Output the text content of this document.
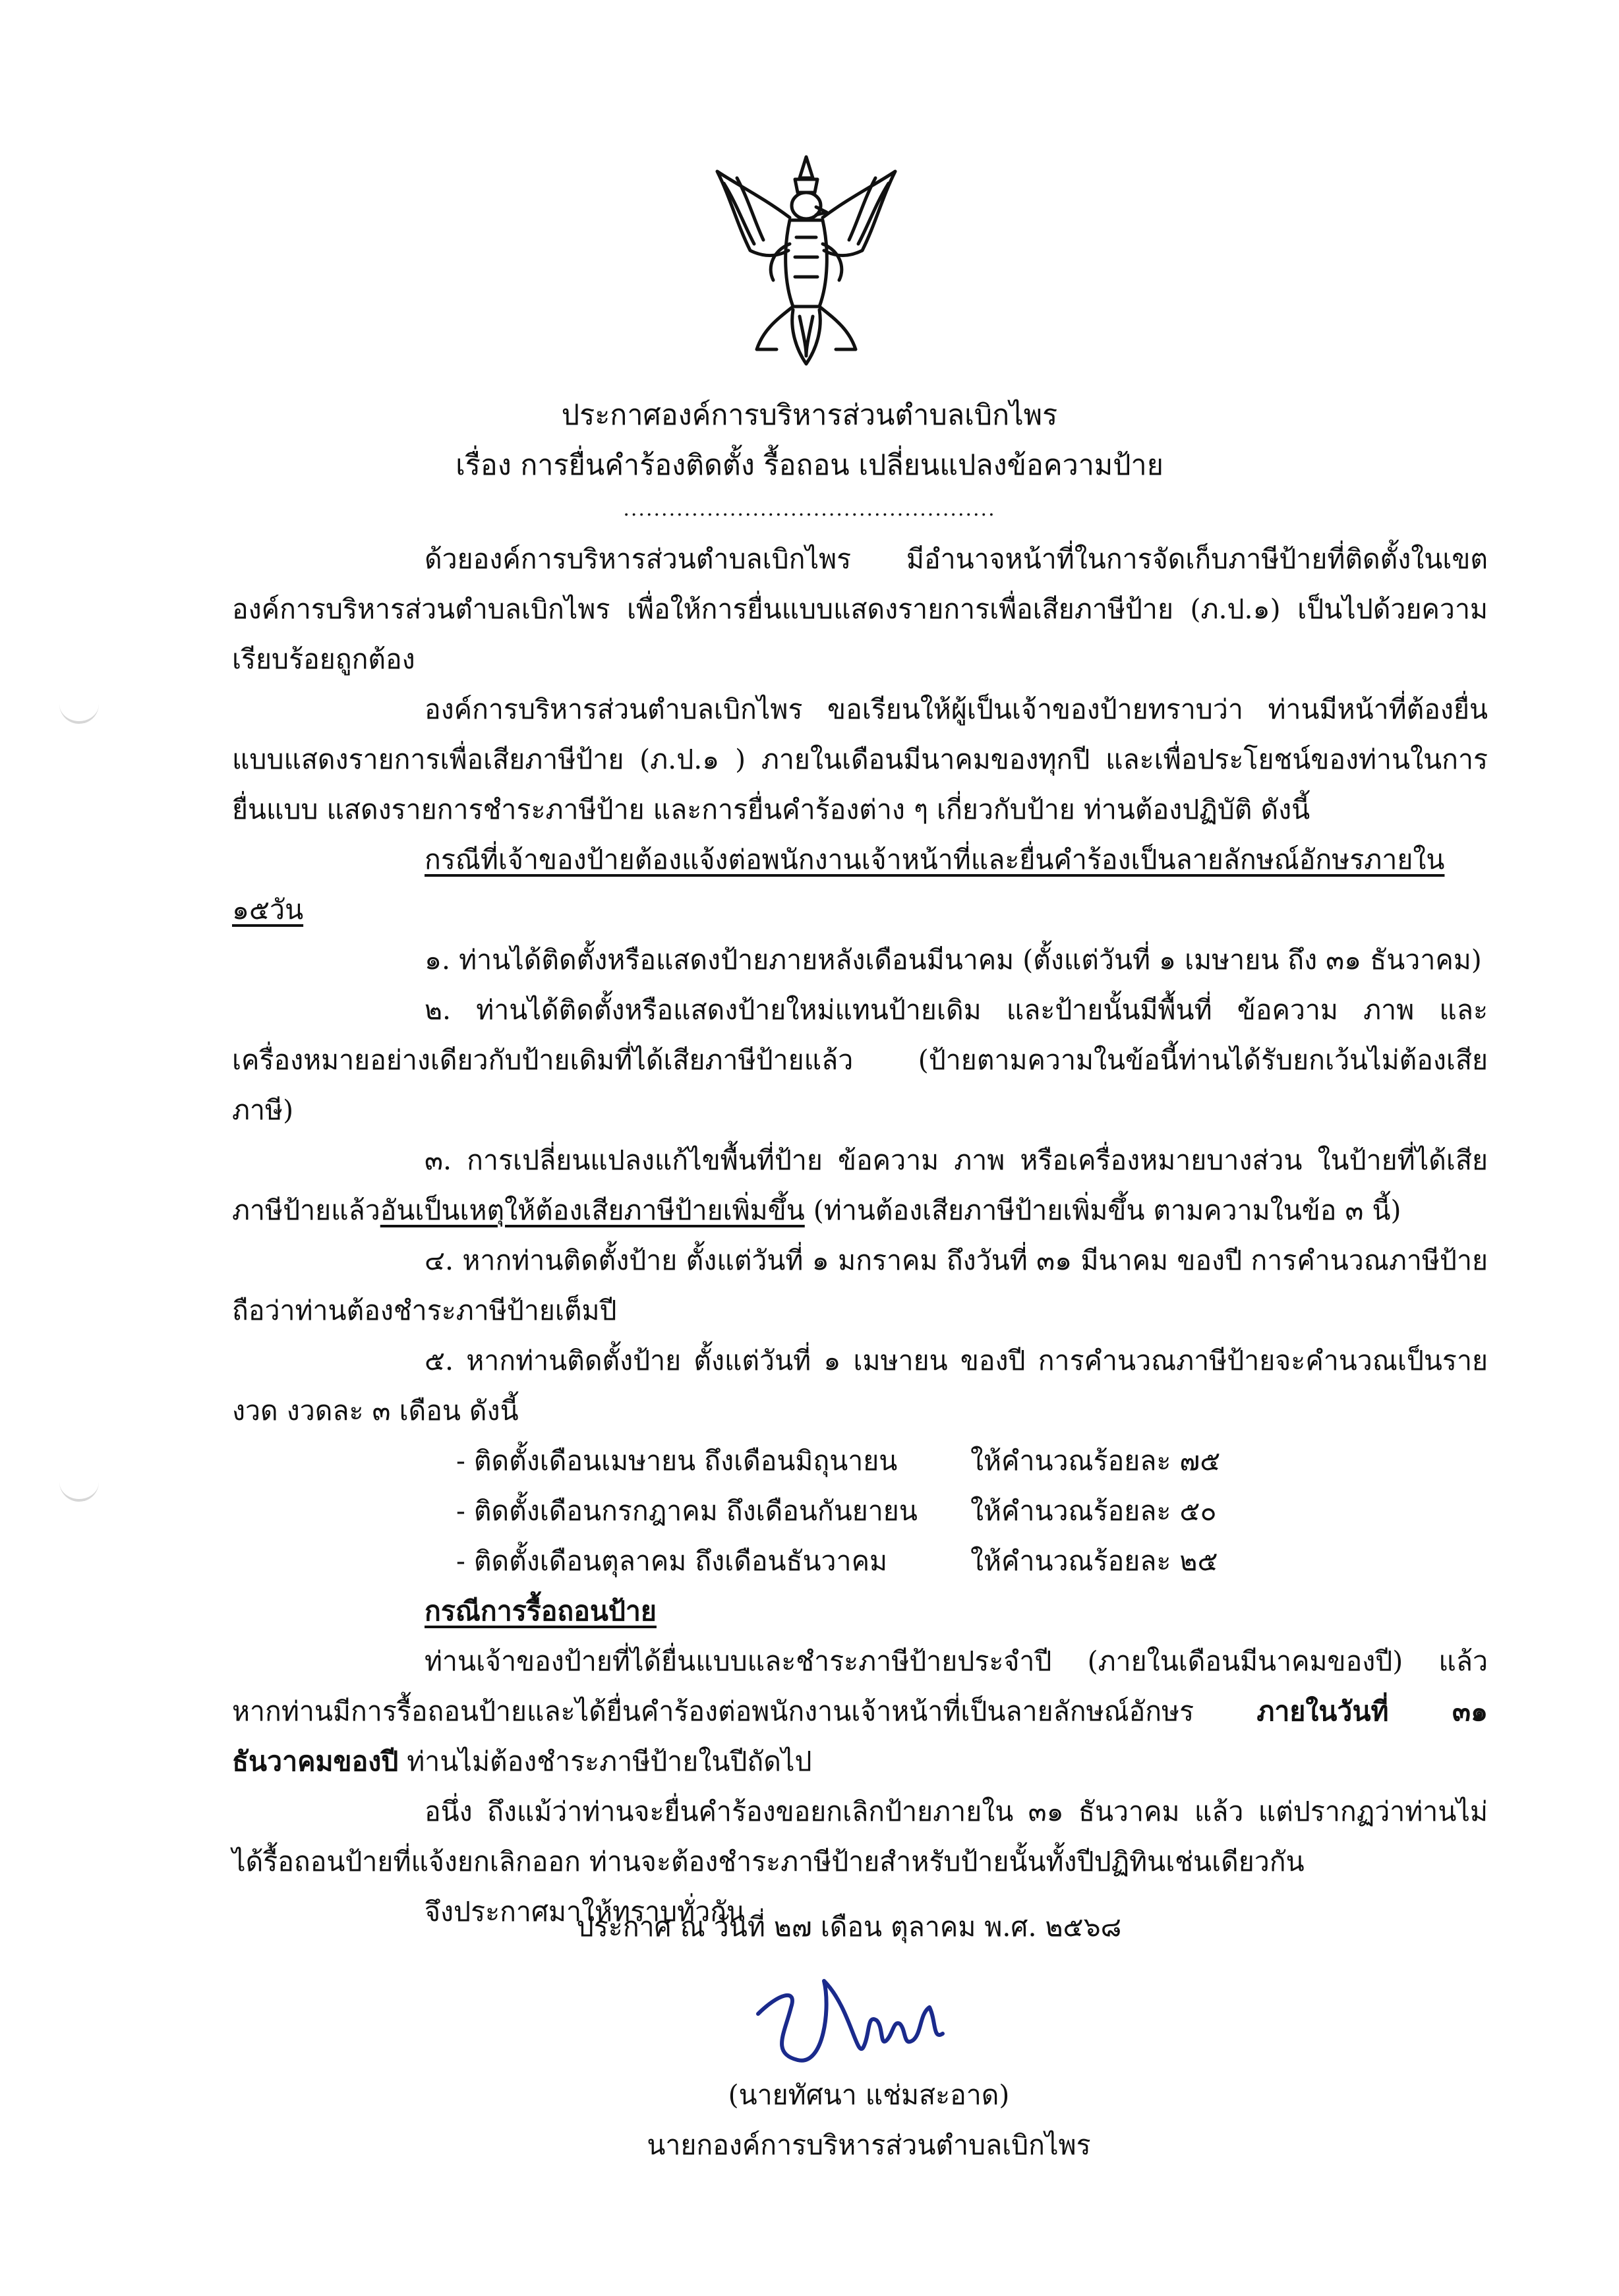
ประกาศองค์การบริหารส่วนตำบลเบิกไพร
เรื่อง การยื่นคำร้องติดตั้ง รื้อถอน เปลี่ยนแปลงข้อความป้าย
.................................................

ด้วยองค์การบริหารส่วนตำบลเบิกไพร มีอำนาจหน้าที่ในการจัดเก็บภาษีป้ายที่ติดตั้งในเขต องค์การบริหารส่วนตำบลเบิกไพร เพื่อให้การยื่นแบบแสดงรายการเพื่อเสียภาษีป้าย (ภ.ป.๑) เป็นไปด้วยความเรียบร้อยถูกต้อง

องค์การบริหารส่วนตำบลเบิกไพร ขอเรียนให้ผู้เป็นเจ้าของป้ายทราบว่า ท่านมีหน้าที่ต้องยื่นแบบแสดงรายการเพื่อเสียภาษีป้าย (ภ.ป.๑ ) ภายในเดือนมีนาคมของทุกปี และเพื่อประโยชน์ของท่านในการยื่นแบบ แสดงรายการชำระภาษีป้าย และการยื่นคำร้องต่าง ๆ เกี่ยวกับป้าย ท่านต้องปฏิบัติ ดังนี้

กรณีที่เจ้าของป้ายต้องแจ้งต่อพนักงานเจ้าหน้าที่และยื่นคำร้องเป็นลายลักษณ์อักษรภายใน ๑๕วัน

๑. ท่านได้ติดตั้งหรือแสดงป้ายภายหลังเดือนมีนาคม (ตั้งแต่วันที่ ๑ เมษายน ถึง ๓๑ ธันวาคม)

๒. ท่านได้ติดตั้งหรือแสดงป้ายใหม่แทนป้ายเดิม และป้ายนั้นมีพื้นที่ ข้อความ ภาพ และเครื่องหมายอย่างเดียวกับป้ายเดิมที่ได้เสียภาษีป้ายแล้ว (ป้ายตามความในข้อนี้ท่านได้รับยกเว้นไม่ต้องเสียภาษี)

๓. การเปลี่ยนแปลงแก้ไขพื้นที่ป้าย ข้อความ ภาพ หรือเครื่องหมายบางส่วน ในป้ายที่ได้เสียภาษีป้ายแล้วอันเป็นเหตุให้ต้องเสียภาษีป้ายเพิ่มขึ้น (ท่านต้องเสียภาษีป้ายเพิ่มขึ้น ตามความในข้อ ๓ นี้)

๔. หากท่านติดตั้งป้าย ตั้งแต่วันที่ ๑ มกราคม ถึงวันที่ ๓๑ มีนาคม ของปี การคำนวณภาษีป้าย ถือว่าท่านต้องชำระภาษีป้ายเต็มปี

๕. หากท่านติดตั้งป้าย ตั้งแต่วันที่ ๑ เมษายน ของปี การคำนวณภาษีป้ายจะคำนวณเป็นรายงวด งวดละ ๓ เดือน ดังนี้

- ติดตั้งเดือนเมษายน ถึงเดือนมิถุนายน	ให้คำนวณร้อยละ ๗๕
- ติดตั้งเดือนกรกฎาคม ถึงเดือนกันยายน	ให้คำนวณร้อยละ ๕๐
- ติดตั้งเดือนตุลาคม ถึงเดือนธันวาคม	ให้คำนวณร้อยละ ๒๕

กรณีการรื้อถอนป้าย

ท่านเจ้าของป้ายที่ได้ยื่นแบบและชำระภาษีป้ายประจำปี (ภายในเดือนมีนาคมของปี) แล้ว หากท่านมีการรื้อถอนป้ายและได้ยื่นคำร้องต่อพนักงานเจ้าหน้าที่เป็นลายลักษณ์อักษร ภายในวันที่ ๓๑ ธันวาคมของปี ท่านไม่ต้องชำระภาษีป้ายในปีถัดไป

อนึ่ง ถึงแม้ว่าท่านจะยื่นคำร้องขอยกเลิกป้ายภายใน ๓๑ ธันวาคม แล้ว แต่ปรากฏว่าท่านไม่ได้รื้อถอนป้ายที่แจ้งยกเลิกออก ท่านจะต้องชำระภาษีป้ายสำหรับป้ายนั้นทั้งปีปฏิทินเช่นเดียวกัน

จึงประกาศมาให้ทราบทั่วกัน

ประกาศ ณ วันที่ ๒๗ เดือน ตุลาคม พ.ศ. ๒๕๖๘
(นายทัศนา แช่มสะอาด)
นายกองค์การบริหารส่วนตำบลเบิกไพร
